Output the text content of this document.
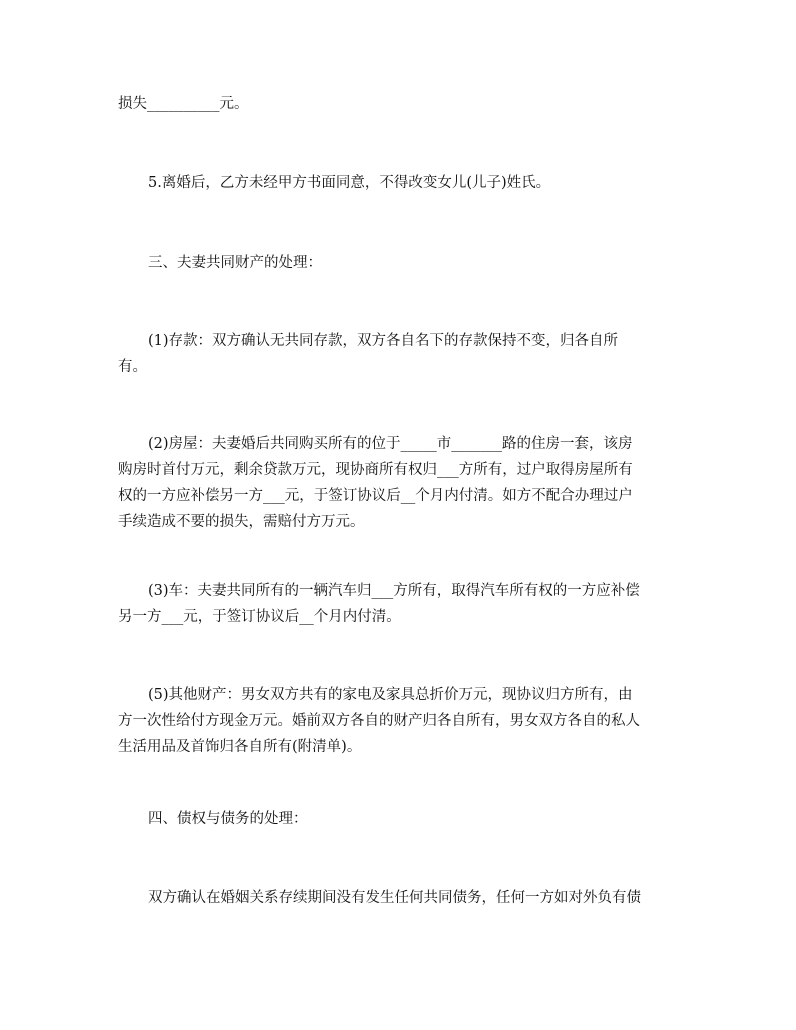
损失__________元。
5.离婚后，乙方未经甲方书面同意，不得改变女儿(儿子)姓氏。
三、夫妻共同财产的处理：
(1)存款：双方确认无共同存款，双方各自名下的存款保持不变，归各自所
有。
(2)房屋：夫妻婚后共同购买所有的位于_____市_______路的住房一套，该房
购房时首付万元，剩余贷款万元，现协商所有权归___方所有，过户取得房屋所有
权的一方应补偿另一方___元，于签订协议后__个月内付清。如方不配合办理过户
手续造成不要的损失，需赔付方万元。
(3)车：夫妻共同所有的一辆汽车归___方所有，取得汽车所有权的一方应补偿
另一方___元，于签订协议后__个月内付清。
(5)其他财产：男女双方共有的家电及家具总折价万元，现协议归方所有，由
方一次性给付方现金万元。婚前双方各自的财产归各自所有，男女双方各自的私人
生活用品及首饰归各自所有(附清单)。
四、债权与债务的处理：
双方确认在婚姻关系存续期间没有发生任何共同债务，任何一方如对外负有债
